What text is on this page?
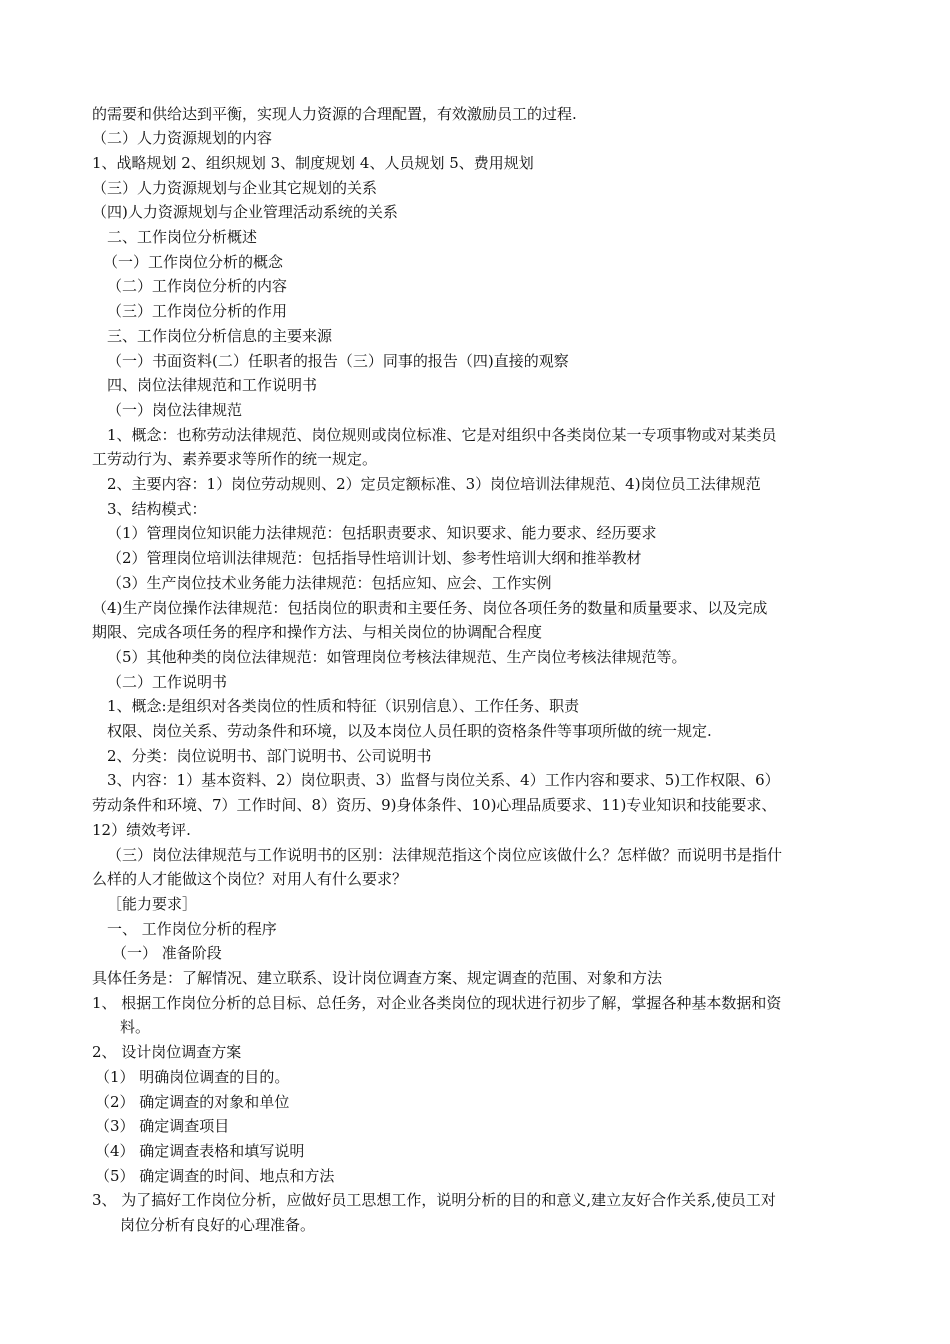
的需要和供给达到平衡，实现人力资源的合理配置，有效激励员工的过程.
（二）人力资源规划的内容
1、战略规划 2、组织规划 3、制度规划 4、人员规划 5、费用规划
（三）人力资源规划与企业其它规划的关系
（四)人力资源规划与企业管理活动系统的关系
二、工作岗位分析概述
（一）工作岗位分析的概念
（二）工作岗位分析的内容
（三）工作岗位分析的作用
三、工作岗位分析信息的主要来源
（一）书面资料(二）任职者的报告（三）同事的报告（四)直接的观察
四、岗位法律规范和工作说明书
（一）岗位法律规范
1、概念：也称劳动法律规范、岗位规则或岗位标准、它是对组织中各类岗位某一专项事物或对某类员
工劳动行为、素养要求等所作的统一规定。
2、主要内容：1）岗位劳动规则、2）定员定额标准、3）岗位培训法律规范、4)岗位员工法律规范
3、结构模式：
（1）管理岗位知识能力法律规范：包括职责要求、知识要求、能力要求、经历要求
（2）管理岗位培训法律规范：包括指导性培训计划、参考性培训大纲和推举教材
（3）生产岗位技术业务能力法律规范：包括应知、应会、工作实例
（4)生产岗位操作法律规范：包括岗位的职责和主要任务、岗位各项任务的数量和质量要求、以及完成
期限、完成各项任务的程序和操作方法、与相关岗位的协调配合程度
（5）其他种类的岗位法律规范：如管理岗位考核法律规范、生产岗位考核法律规范等。
（二）工作说明书
1、概念:是组织对各类岗位的性质和特征（识别信息）、工作任务、职责
权限、岗位关系、劳动条件和环境，以及本岗位人员任职的资格条件等事项所做的统一规定.
2、分类：岗位说明书、部门说明书、公司说明书
3、内容：1）基本资料、2）岗位职责、3）监督与岗位关系、4）工作内容和要求、5)工作权限、6）
劳动条件和环境、7）工作时间、8）资历、9)身体条件、10)心理品质要求、11)专业知识和技能要求、
12）绩效考评.
（三）岗位法律规范与工作说明书的区别：法律规范指这个岗位应该做什么？怎样做？而说明书是指什
么样的人才能做这个岗位？对用人有什么要求？
［能力要求］
一、 工作岗位分析的程序
（一） 准备阶段
具体任务是：了解情况、建立联系、设计岗位调查方案、规定调查的范围、对象和方法
1、 根据工作岗位分析的总目标、总任务，对企业各类岗位的现状进行初步了解，掌握各种基本数据和资
料。
2、 设计岗位调查方案
（1） 明确岗位调查的目的。
（2） 确定调查的对象和单位
（3） 确定调查项目
（4） 确定调查表格和填写说明
（5） 确定调查的时间、地点和方法
3、 为了搞好工作岗位分析，应做好员工思想工作，说明分析的目的和意义,建立友好合作关系,使员工对
岗位分析有良好的心理准备。
